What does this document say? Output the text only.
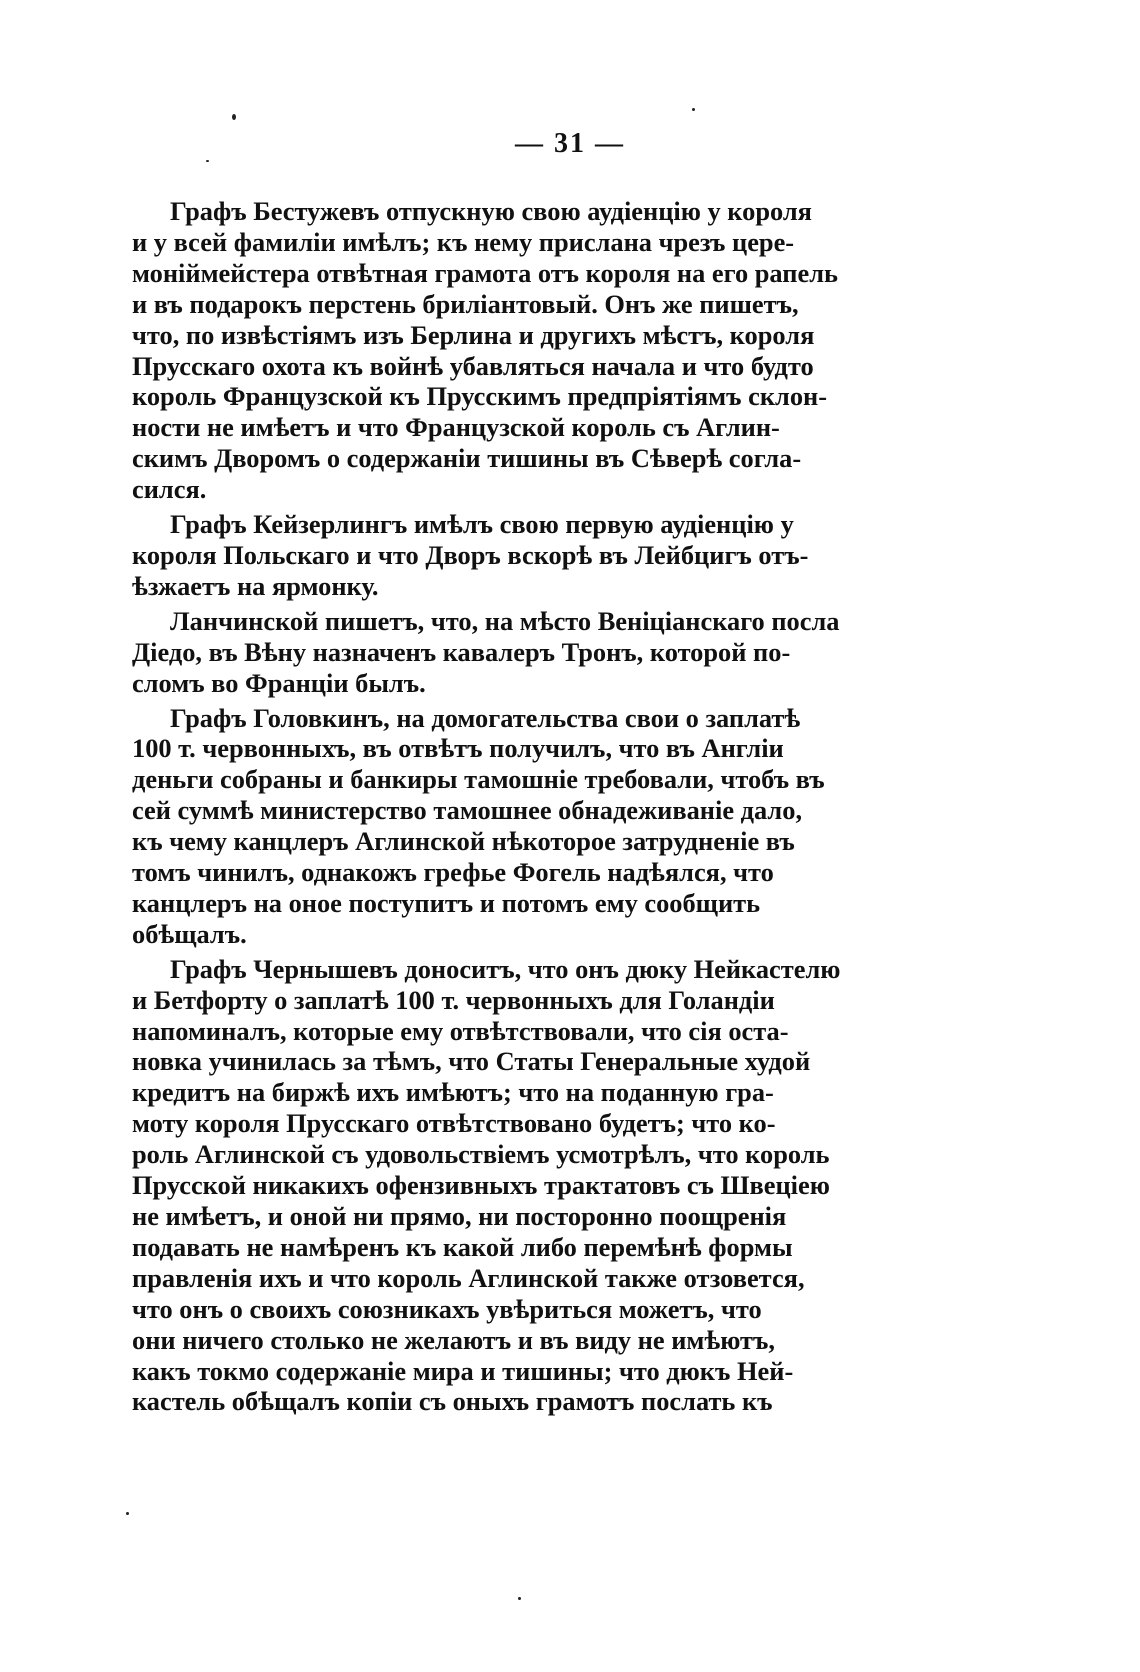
— 31 —
Графъ Бестужевъ отпускную свою аудіенцію у короля
и у всей фамиліи имѣлъ; къ нему прислана чрезъ цере-
моніймейстера отвѣтная грамота отъ короля на его рапель
и въ подарокъ перстень бриліантовый. Онъ же пишетъ,
что, по извѣстіямъ изъ Берлина и другихъ мѣстъ, короля
Прусскаго охота къ войнѣ убавляться начала и что будто
король Французской къ Прусскимъ предпріятіямъ склон-
ности не имѣетъ и что Французской король съ Аглин-
скимъ Дворомъ о содержаніи тишины въ Сѣверѣ согла-
сился.
Графъ Кейзерлингъ имѣлъ свою первую аудіенцію у
короля Польскаго и что Дворъ вскорѣ въ Лейбцигъ отъ-
ѣзжаетъ на ярмонку.
Ланчинской пишетъ, что, на мѣсто Веніціанскаго посла
Діедо, въ Вѣну назначенъ кавалеръ Тронъ, которой по-
сломъ во Франціи былъ.
Графъ Головкинъ, на домогательства свои о заплатѣ
100 т. червонныхъ, въ отвѣтъ получилъ, что въ Англіи
деньги собраны и банкиры тамошніе требовали, чтобъ въ
сей суммѣ министерство тамошнее обнадеживаніе дало,
къ чему канцлеръ Аглинской нѣкоторое затрудненіе въ
томъ чинилъ, однакожъ грефье Фогель надѣялся, что
канцлеръ на оное поступитъ и потомъ ему сообщить
обѣщалъ.
Графъ Чернышевъ доноситъ, что онъ дюку Нейкастелю
и Бетфорту о заплатѣ 100 т. червонныхъ для Голандіи
напоминалъ, которые ему отвѣтствовали, что сія оста-
новка учинилась за тѣмъ, что Статы Генеральные худой
кредитъ на биржѣ ихъ имѣютъ; что на поданную гра-
моту короля Прусскаго отвѣтствовано будетъ; что ко-
роль Аглинской съ удовольствіемъ усмотрѣлъ, что король
Прусской никакихъ офензивныхъ трактатовъ съ Швеціею
не имѣетъ, и оной ни прямо, ни посторонно поощренія
подавать не намѣренъ къ какой либо перемѣнѣ формы
правленія ихъ и что король Аглинской также отзовется,
что онъ о своихъ союзникахъ увѣриться можетъ, что
они ничего столько не желаютъ и въ виду не имѣютъ,
какъ токмо содержаніе мира и тишины; что дюкъ Ней-
кастель обѣщалъ копіи съ оныхъ грамотъ послать къ
